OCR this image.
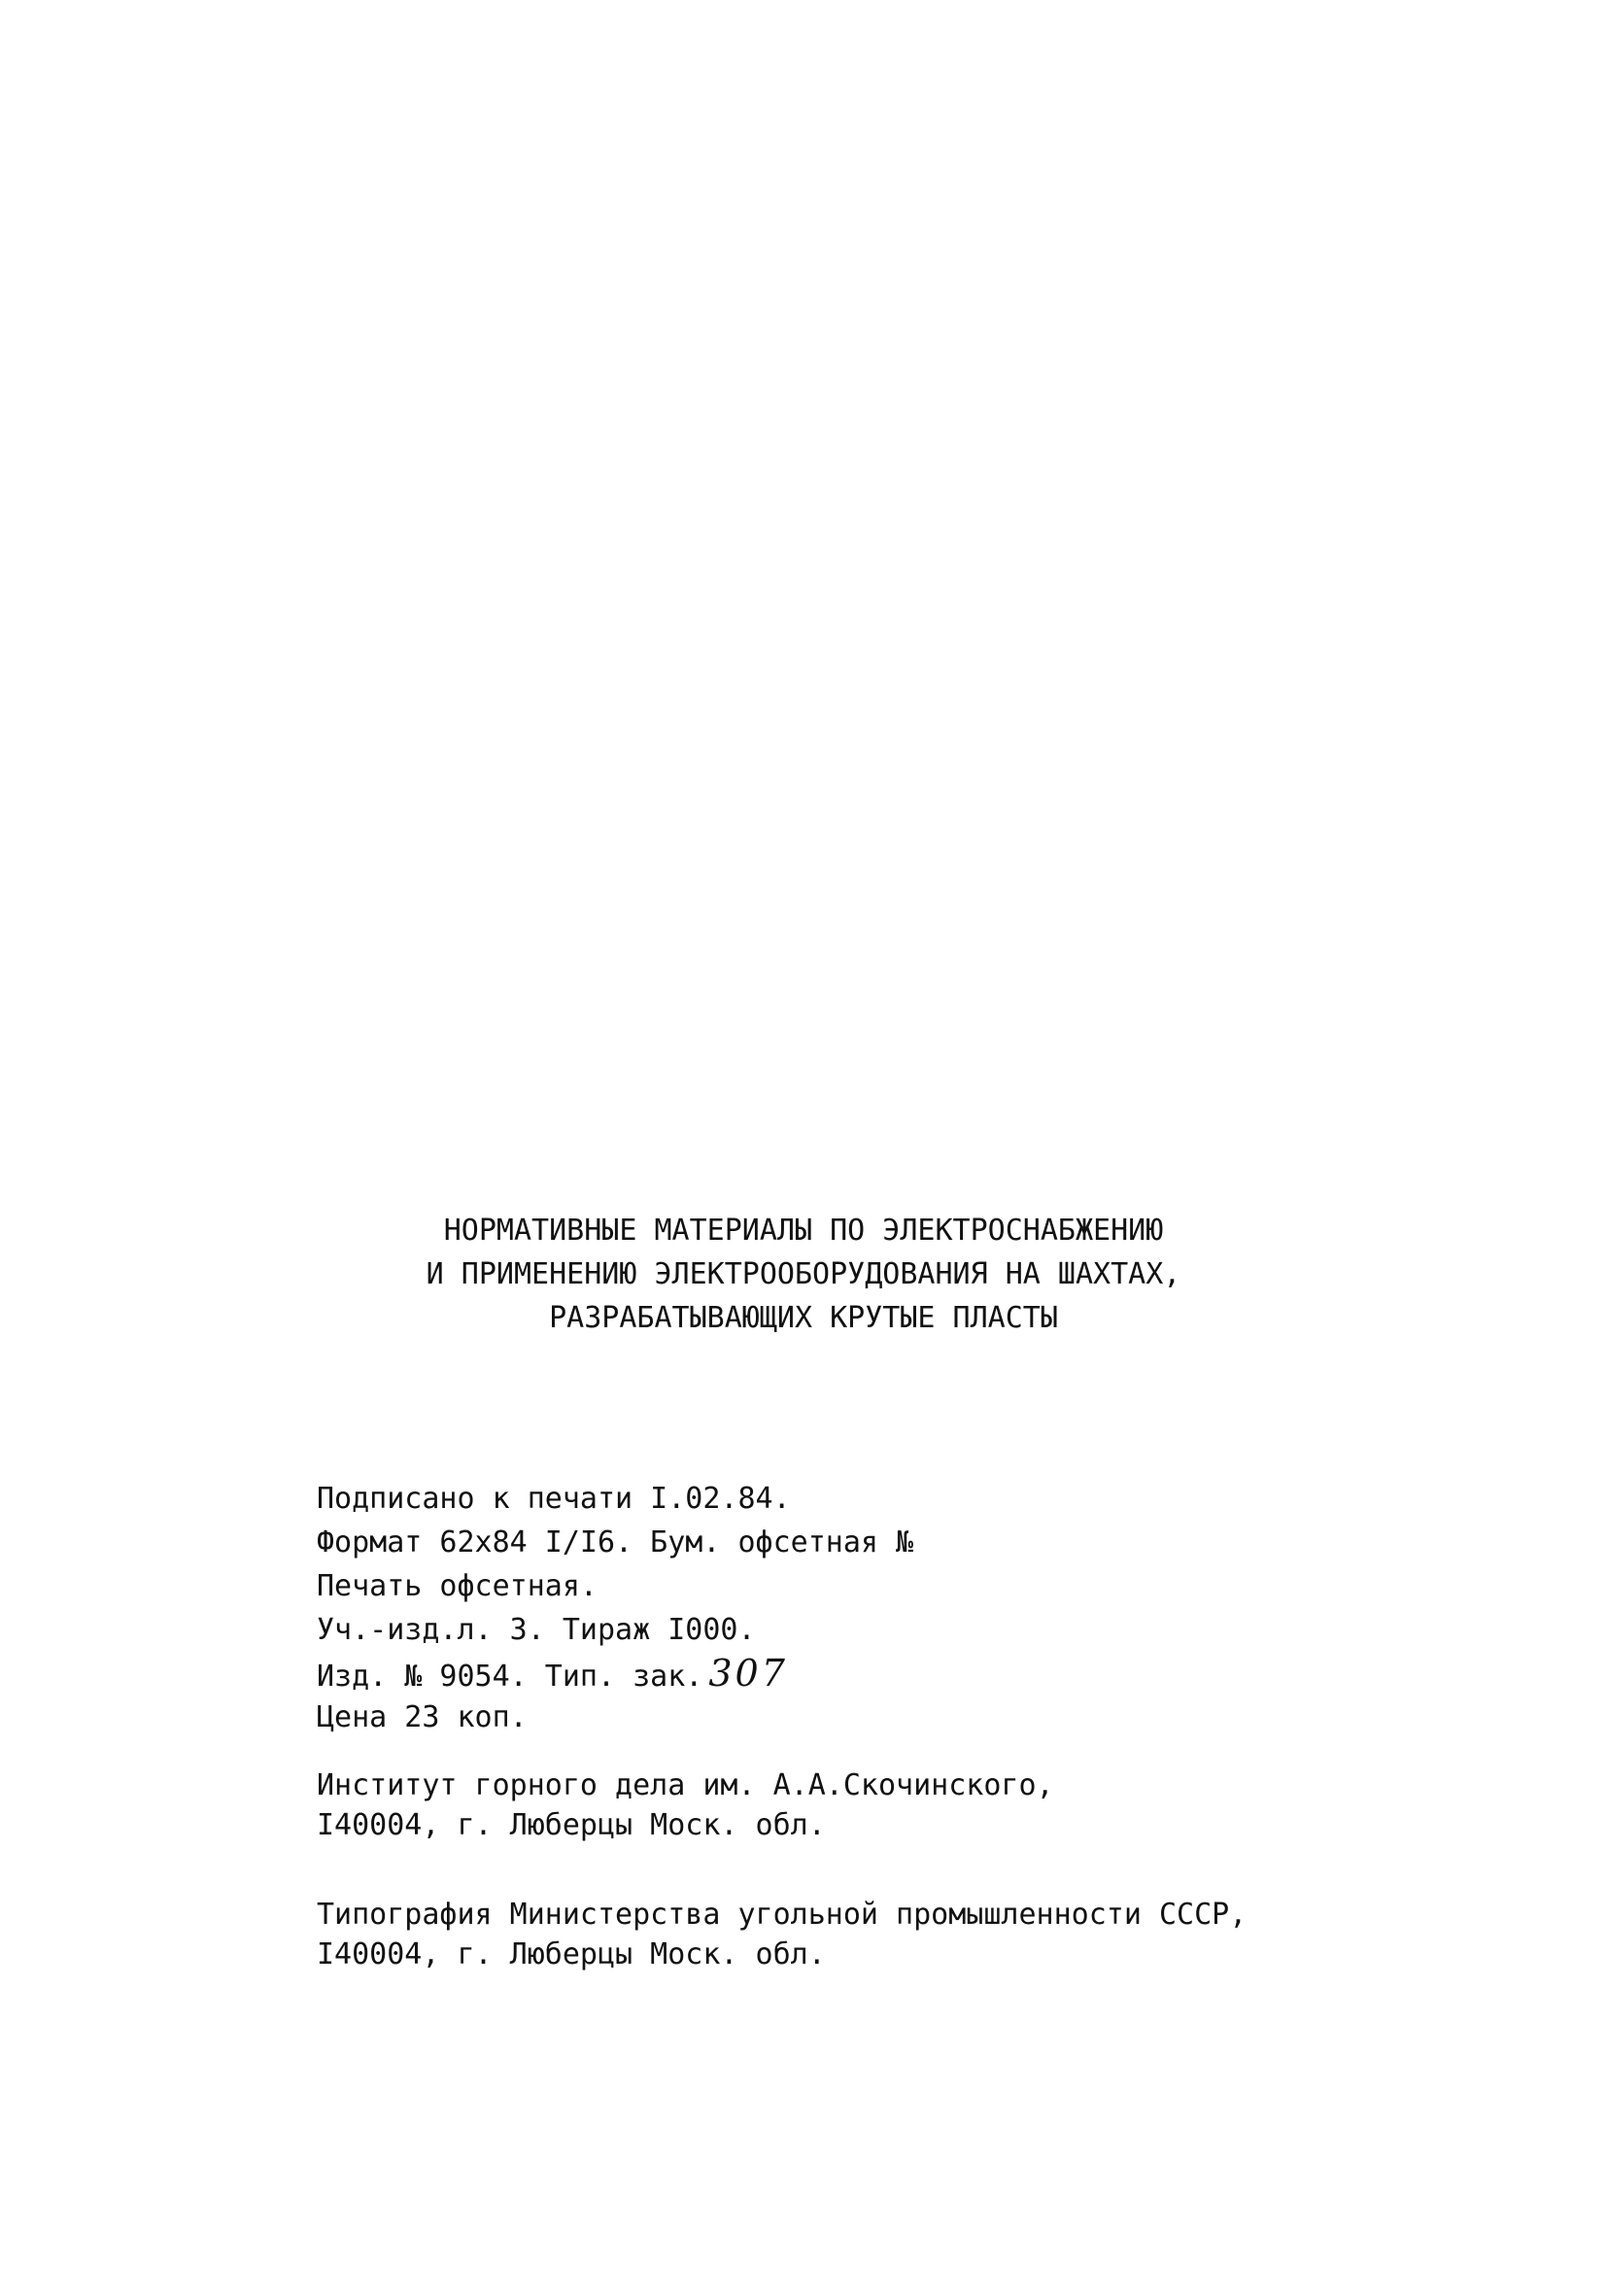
НОРМАТИВНЫЕ МАТЕРИАЛЫ ПО ЭЛЕКТРОСНАБЖЕНИЮ
И ПРИМЕНЕНИЮ ЭЛЕКТРООБОРУДОВАНИЯ НА ШАХТАХ,
РАЗРАБАТЫВАЮЩИХ КРУТЫЕ ПЛАСТЫ
Подписано к печати I.02.84.
Формат 62х84 I/I6. Бум. офсетная №
Печать офсетная.
Уч.-изд.л. 3. Тираж I000.
Изд. № 9054. Тип. зак. 307
Цена 23 коп.
Институт горного дела им. А.А.Скочинского,
I40004, г. Люберцы Моск. обл.
Типография Министерства угольной промышленности СССР,
I40004, г. Люберцы Моск. обл.
